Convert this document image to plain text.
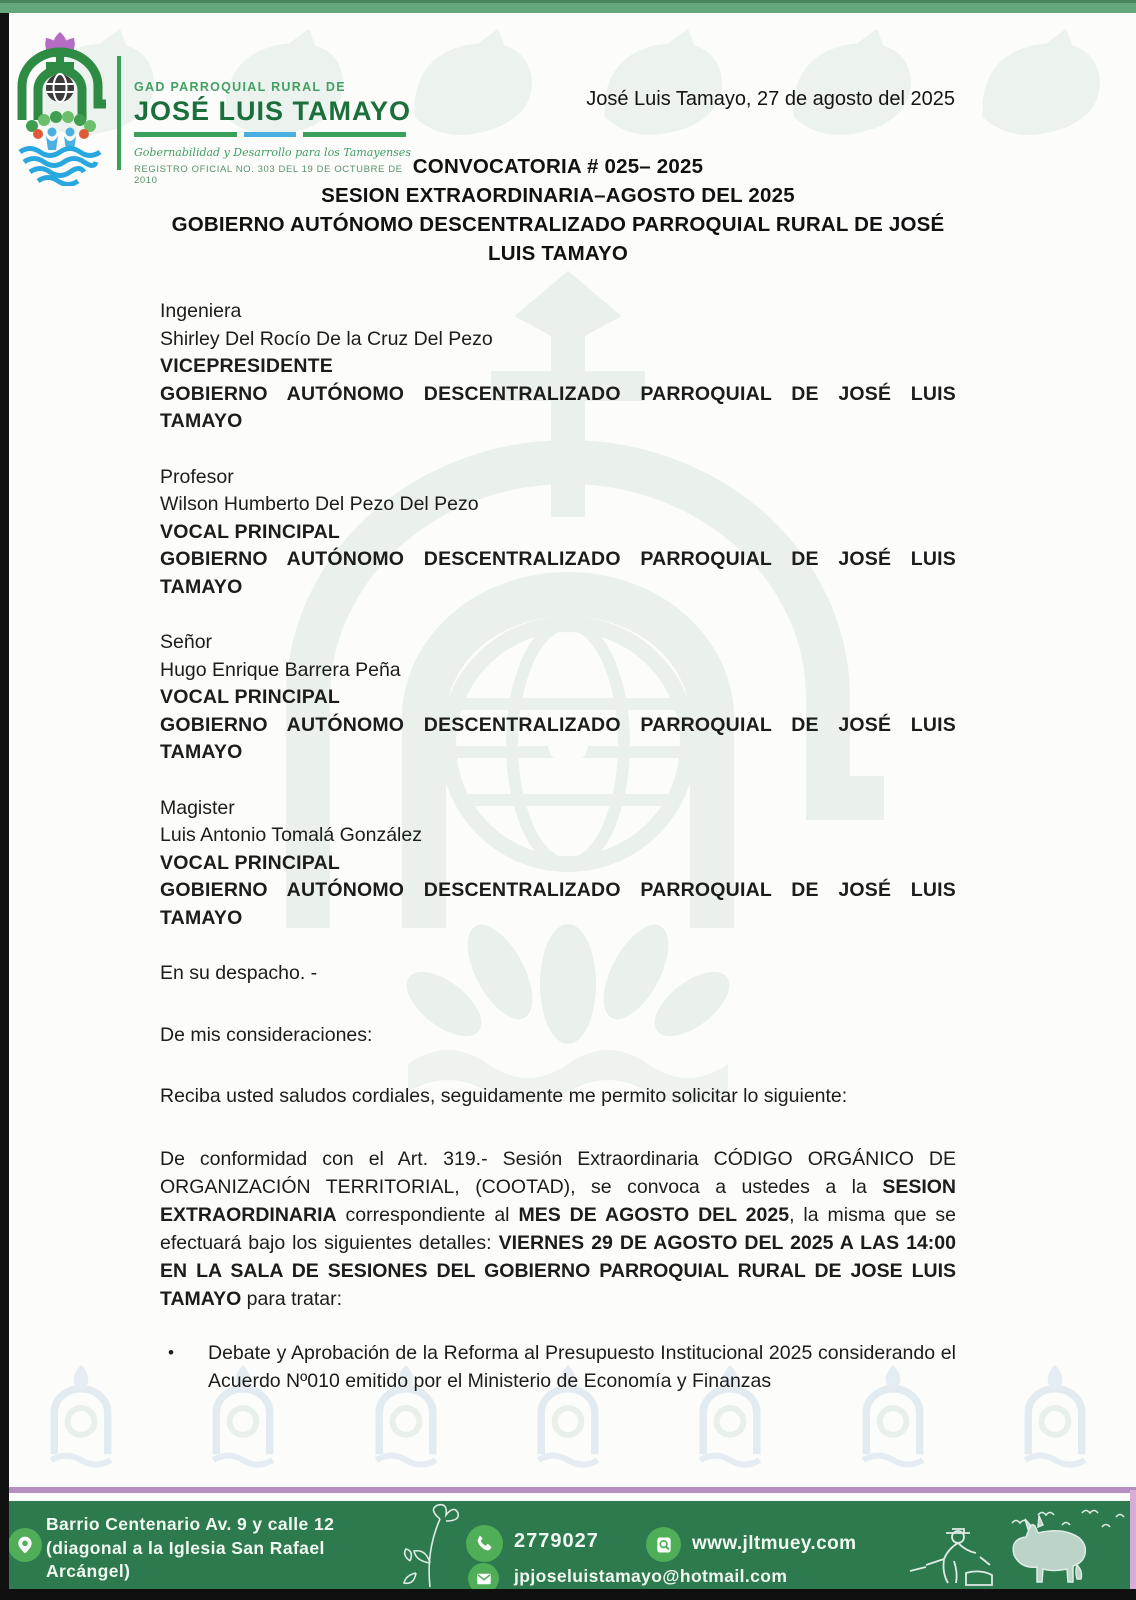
GAD PARROQUIAL RURAL DE
JOSÉ LUIS TAMAYO
Gobernabilidad y Desarrollo para los Tamayenses
REGISTRO OFICIAL NO. 303 DEL 19 DE OCTUBRE DE 2010
José Luis Tamayo, 27 de agosto del 2025
CONVOCATORIA # 025– 2025
SESION EXTRAORDINARIA–AGOSTO DEL 2025
GOBIERNO AUTÓNOMO DESCENTRALIZADO PARROQUIAL RURAL DE JOSÉ LUIS TAMAYO
Ingeniera
Shirley Del Rocío De la Cruz Del Pezo
VICEPRESIDENTE
GOBIERNO AUTÓNOMO DESCENTRALIZADO PARROQUIAL DE JOSÉ LUIS TAMAYO
Profesor
Wilson Humberto Del Pezo Del Pezo
VOCAL PRINCIPAL
GOBIERNO AUTÓNOMO DESCENTRALIZADO PARROQUIAL DE JOSÉ LUIS TAMAYO
Señor
Hugo Enrique Barrera Peña
VOCAL PRINCIPAL
GOBIERNO AUTÓNOMO DESCENTRALIZADO PARROQUIAL DE JOSÉ LUIS TAMAYO
Magister
Luis Antonio Tomalá González
VOCAL PRINCIPAL
GOBIERNO AUTÓNOMO DESCENTRALIZADO PARROQUIAL DE JOSÉ LUIS TAMAYO
En su despacho. -
De mis consideraciones:
Reciba usted saludos cordiales, seguidamente me permito solicitar lo siguiente:

De conformidad con el Art. 319.- Sesión Extraordinaria CÓDIGO ORGÁNICO DE ORGANIZACIÓN TERRITORIAL, (COOTAD), se convoca a ustedes a la SESION EXTRAORDINARIA correspondiente al MES DE AGOSTO DEL 2025, la misma que se efectuará bajo los siguientes detalles: VIERNES 29 DE AGOSTO DEL 2025 A LAS 14:00 EN LA SALA DE SESIONES DEL GOBIERNO PARROQUIAL RURAL DE JOSE LUIS TAMAYO para tratar:

•	Debate y Aprobación de la Reforma al Presupuesto Institucional 2025 considerando el Acuerdo Nº010 emitido por el Ministerio de Economía y Finanzas
Barrio Centenario Av. 9 y calle 12
(diagonal a la Iglesia San Rafael
Arcángel)
2779027	www.jltmuey.com
jpjoseluistamayo@hotmail.com
